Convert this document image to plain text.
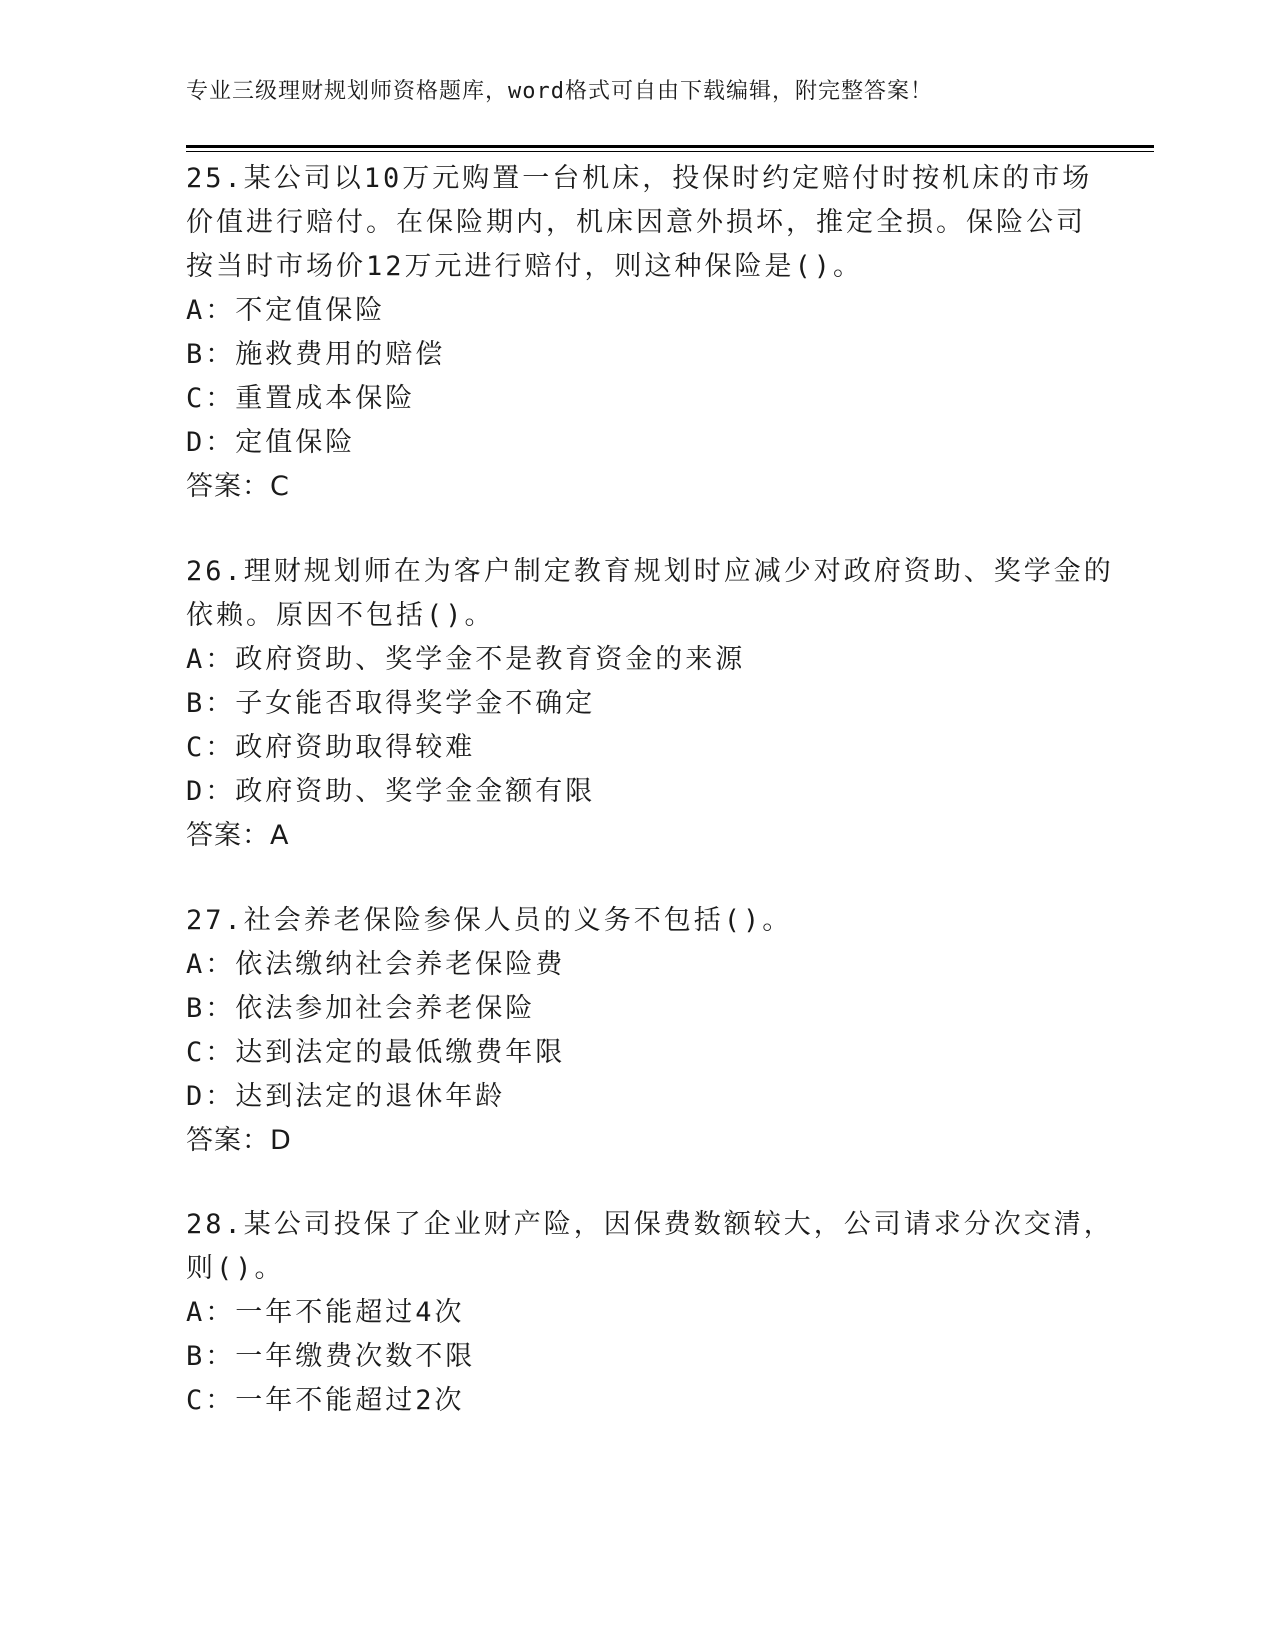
专业三级理财规划师资格题库，word格式可自由下载编辑，附完整答案！
25.某公司以10万元购置一台机床，投保时约定赔付时按机床的市场
价值进行赔付。在保险期内，机床因意外损坏，推定全损。保险公司
按当时市场价12万元进行赔付，则这种保险是()。
A：不定值保险
B：施救费用的赔偿
C：重置成本保险
D：定值保险
答案：C
26.理财规划师在为客户制定教育规划时应减少对政府资助、奖学金的
依赖。原因不包括()。
A：政府资助、奖学金不是教育资金的来源
B：子女能否取得奖学金不确定
C：政府资助取得较难
D：政府资助、奖学金金额有限
答案：A
27.社会养老保险参保人员的义务不包括()。
A：依法缴纳社会养老保险费
B：依法参加社会养老保险
C：达到法定的最低缴费年限
D：达到法定的退休年龄
答案：D
28.某公司投保了企业财产险，因保费数额较大，公司请求分次交清，
则()。
A：一年不能超过4次
B：一年缴费次数不限
C：一年不能超过2次
